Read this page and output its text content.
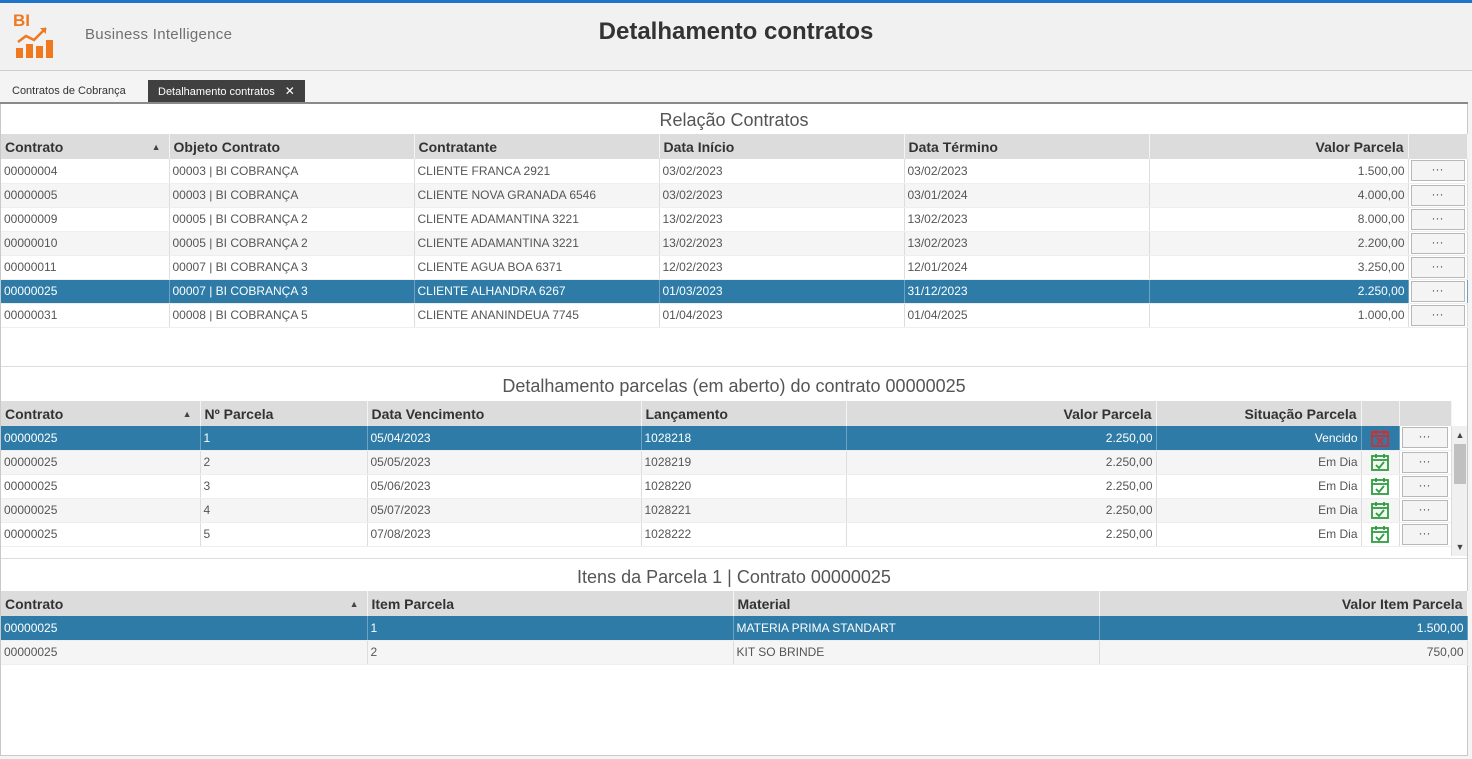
BI
Business Intelligence	Detalhamento contratos
Contratos de Cobrança	Detalhamento contratos ✕
Relação Contratos
Contrato ▲	Objeto Contrato	Contratante	Data Início	Data Término	Valor Parcela	
00000004	00003 | BI COBRANÇA	CLIENTE FRANCA 2921	03/02/2023	03/02/2023	1.500,00	···

00000005	00003 | BI COBRANÇA	CLIENTE NOVA GRANADA 6546	03/02/2023	03/01/2024	4.000,00	···

00000009	00005 | BI COBRANÇA 2	CLIENTE ADAMANTINA 3221	13/02/2023	13/02/2023	8.000,00	···

00000010	00005 | BI COBRANÇA 2	CLIENTE ADAMANTINA 3221	13/02/2023	13/02/2023	2.200,00	···

00000011	00007 | BI COBRANÇA 3	CLIENTE AGUA BOA 6371	12/02/2023	12/01/2024	3.250,00	···

00000025	00007 | BI COBRANÇA 3	CLIENTE ALHANDRA 6267	01/03/2023	31/12/2023	2.250,00	···

00000031	00008 | BI COBRANÇA 5	CLIENTE ANANINDEUA 7745	01/04/2023	01/04/2025	1.000,00	···
Detalhamento parcelas (em aberto) do contrato 00000025
Contrato ▲	Nº Parcela	Data Vencimento	Lançamento	Valor Parcela	Situação Parcela		
00000025	1	05/04/2023	1028218	2.250,00	Vencido		···

00000025	2	05/05/2023	1028219	2.250,00	Em Dia		···

00000025	3	05/06/2023	1028220	2.250,00	Em Dia		···

00000025	4	05/07/2023	1028221	2.250,00	Em Dia		···

00000025	5	07/08/2023	1028222	2.250,00	Em Dia		···
▲
▼
Itens da Parcela 1 | Contrato 00000025
Contrato ▲	Item Parcela	Material	Valor Item Parcela
00000025	1	MATERIA PRIMA STANDART	1.500,00
00000025	2	KIT SO BRINDE	750,00
